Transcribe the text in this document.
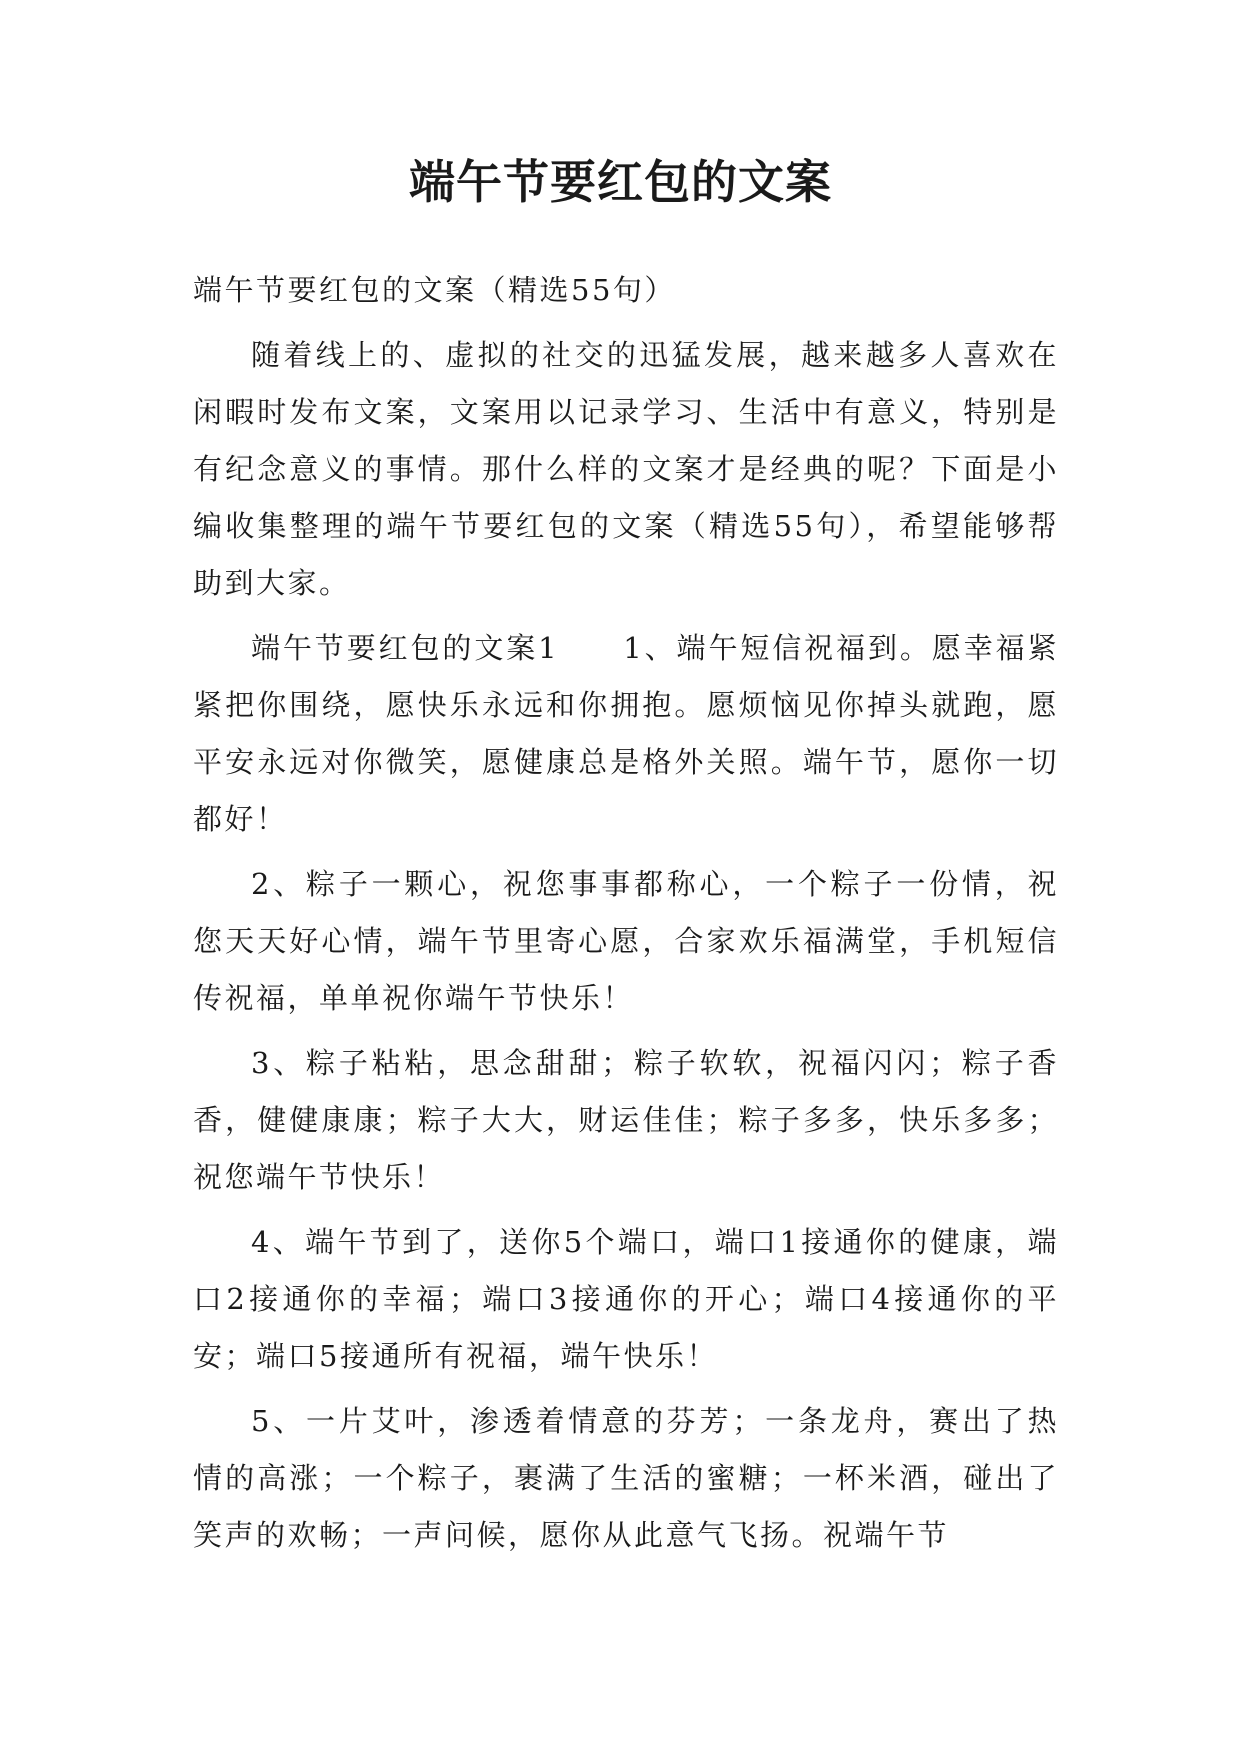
端午节要红包的文案

端午节要红包的文案（精选55句）

随着线上的、虚拟的社交的迅猛发展，越来越多人喜欢在闲暇时发布文案，文案用以记录学习、生活中有意义，特别是有纪念意义的事情。那什么样的文案才是经典的呢？下面是小编收集整理的端午节要红包的文案（精选55句），希望能够帮助到大家。

端午节要红包的文案1　　1、端午短信祝福到。愿幸福紧紧把你围绕，愿快乐永远和你拥抱。愿烦恼见你掉头就跑，愿平安永远对你微笑，愿健康总是格外关照。端午节，愿你一切都好！

2、粽子一颗心，祝您事事都称心，一个粽子一份情，祝您天天好心情，端午节里寄心愿，合家欢乐福满堂，手机短信传祝福，单单祝你端午节快乐！

3、粽子粘粘，思念甜甜；粽子软软，祝福闪闪；粽子香香，健健康康；粽子大大，财运佳佳；粽子多多，快乐多多；祝您端午节快乐！

4、端午节到了，送你5个端口，端口1接通你的健康，端口2接通你的幸福；端口3接通你的开心；端口4接通你的平安；端口5接通所有祝福，端午快乐！

5、一片艾叶，渗透着情意的芬芳；一条龙舟，赛出了热情的高涨；一个粽子，裹满了生活的蜜糖；一杯米酒，碰出了笑声的欢畅；一声问候，愿你从此意气飞扬。祝端午节
